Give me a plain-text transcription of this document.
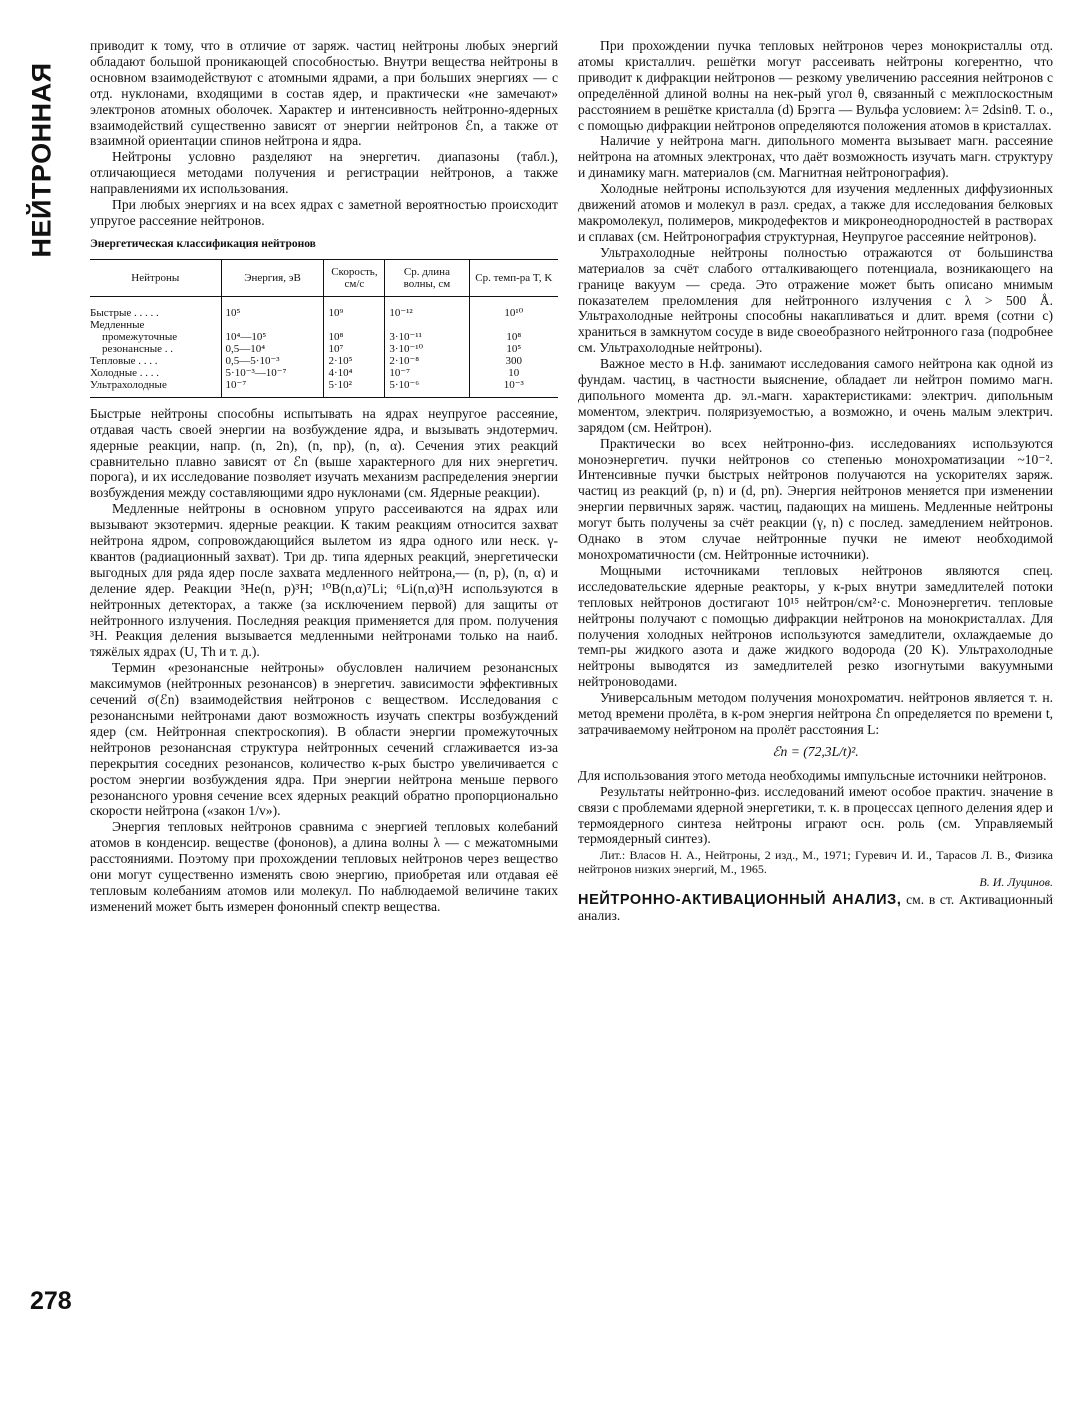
НЕЙТРОННАЯ
278

приводит к тому, что в отличие от заряж. частиц нейтроны любых энергий обладают большой проникающей способностью. Внутри вещества нейтроны в основном взаимодействуют с атомными ядрами, а при больших энергиях — с отд. нуклонами, входящими в состав ядер, и практически «не замечают» электронов атомных оболочек. Характер и интенсивность нейтронно-ядерных взаимодействий существенно зависят от энергии нейтронов ℰn, а также от взаимной ориентации спинов нейтрона и ядра.

Нейтроны условно разделяют на энергетич. диапазоны (табл.), отличающиеся методами получения и регистрации нейтронов, а также направлениями их использования.

При любых энергиях и на всех ядрах с заметной вероятностью происходит упругое рассеяние нейтронов.

Энергетическая классификация нейтронов
Нейтроны	Энергия, эВ	Скорость, см/с	Ср. длина волны, см	Ср. темп-ра T, K
Быстрые . . . . .	10⁵	10⁹	10⁻¹²	10¹⁰
Медленные				
промежуточные	10⁴—10⁵	10⁸	3·10⁻¹¹	10⁸
резонансные . .	0,5—10⁴	10⁷	3·10⁻¹⁰	10⁵
Тепловые . . . .	0,5—5·10⁻³	2·10⁵	2·10⁻⁸	300
Холодные . . . .	5·10⁻³—10⁻⁷	4·10⁴	10⁻⁷	10
Ультрахолодные	10⁻⁷	5·10²	5·10⁻⁶	10⁻³

Быстрые нейтроны способны испытывать на ядрах неупругое рассеяние, отдавая часть своей энергии на возбуждение ядра, и вызывать эндотермич. ядерные реакции, напр. (n, 2n), (n, np), (n, α). Сечения этих реакций сравнительно плавно зависят от ℰn (выше характерного для них энергетич. порога), и их исследование позволяет изучать механизм распределения энергии возбуждения между составляющими ядро нуклонами (см. Ядерные реакции).

Медленные нейтроны в основном упруго рассеиваются на ядрах или вызывают экзотермич. ядерные реакции. К таким реакциям относится захват нейтрона ядром, сопровождающийся вылетом из ядра одного или неск. γ-квантов (радиационный захват). Три др. типа ядерных реакций, энергетически выгодных для ряда ядер после захвата медленного нейтрона,— (n, p), (n, α) и деление ядер. Реакции ³He(n, p)³H; ¹⁰B(n,α)⁷Li; ⁶Li(n,α)³H используются в нейтронных детекторах, а также (за исключением первой) для защиты от нейтронного излучения. Последняя реакция применяется для пром. получения ³H. Реакция деления вызывается медленными нейтронами только на наиб. тяжёлых ядрах (U, Th и т. д.).

Термин «резонансные нейтроны» обусловлен наличием резонансных максимумов (нейтронных резонансов) в энергетич. зависимости эффективных сечений σ(ℰn) взаимодействия нейтронов с веществом. Исследования с резонансными нейтронами дают возможность изучать спектры возбуждений ядер (см. Нейтронная спектроскопия). В области энергии промежуточных нейтронов резонансная структура нейтронных сечений сглаживается из-за перекрытия соседних резонансов, количество к-рых быстро увеличивается с ростом энергии возбуждения ядра. При энергии нейтрона меньше первого резонансного уровня сечение всех ядерных реакций обратно пропорционально скорости нейтрона («закон 1/v»).

Энергия тепловых нейтронов сравнима с энергией тепловых колебаний атомов в конденсир. веществе (фононов), а длина волны λ — с межатомными расстояниями. Поэтому при прохождении тепловых нейтронов через вещество они могут существенно изменять свою энергию, приобретая или отдавая её тепловым колебаниям атомов или молекул. По наблюдаемой величине таких изменений может быть измерен фононный спектр вещества.

При прохождении пучка тепловых нейтронов через монокристаллы отд. атомы кристаллич. решётки могут рассеивать нейтроны когерентно, что приводит к дифракции нейтронов — резкому увеличению рассеяния нейтронов с определённой длиной волны на нек-рый угол θ, связанный с межплоскостным расстоянием в решётке кристалла (d) Брэгга — Вульфа условием: λ= 2dsinθ. Т. о., с помощью дифракции нейтронов определяются положения атомов в кристаллах.

Наличие у нейтрона магн. дипольного момента вызывает магн. рассеяние нейтрона на атомных электронах, что даёт возможность изучать магн. структуру и динамику магн. материалов (см. Магнитная нейтронография).

Холодные нейтроны используются для изучения медленных диффузионных движений атомов и молекул в разл. средах, а также для исследования белковых макромолекул, полимеров, микродефектов и микронеоднородностей в растворах и сплавах (см. Нейтронография структурная, Неупругое рассеяние нейтронов).

Ультрахолодные нейтроны полностью отражаются от большинства материалов за счёт слабого отталкивающего потенциала, возникающего на границе вакуум — среда. Это отражение может быть описано мнимым показателем преломления для нейтронного излучения с λ > 500 Å. Ультрахолодные нейтроны способны накапливаться и длит. время (сотни с) храниться в замкнутом сосуде в виде своеобразного нейтронного газа (подробнее см. Ультрахолодные нейтроны).

Важное место в Н.ф. занимают исследования самого нейтрона как одной из фундам. частиц, в частности выяснение, обладает ли нейтрон помимо магн. дипольного момента др. эл.-магн. характеристиками: электрич. дипольным моментом, электрич. поляризуемостью, а возможно, и очень малым электрич. зарядом (см. Нейтрон).

Практически во всех нейтронно-физ. исследованиях используются моноэнергетич. пучки нейтронов со степенью монохроматизации ~10⁻². Интенсивные пучки быстрых нейтронов получаются на ускорителях заряж. частиц из реакций (p, n) и (d, pn). Энергия нейтронов меняется при изменении энергии первичных заряж. частиц, падающих на мишень. Медленные нейтроны могут быть получены за счёт реакции (γ, n) с послед. замедлением нейтронов. Однако в этом случае нейтронные пучки не имеют необходимой монохроматичности (см. Нейтронные источники).

Мощными источниками тепловых нейтронов являются спец. исследовательские ядерные реакторы, у к-рых внутри замедлителей потоки тепловых нейтронов достигают 10¹⁵ нейтрон/см²·с. Моноэнергетич. тепловые нейтроны получают с помощью дифракции нейтронов на монокристаллах. Для получения холодных нейтронов используются замедлители, охлаждаемые до темп-ры жидкого азота и даже жидкого водорода (20 K). Ультрахолодные нейтроны выводятся из замедлителей резко изогнутыми вакуумными нейтроноводами.

Универсальным методом получения монохроматич. нейтронов является т. н. метод времени пролёта, в к-ром энергия нейтрона ℰn определяется по времени t, затрачиваемому нейтроном на пролёт расстояния L:

ℰn = (72,3L/t)².

Для использования этого метода необходимы импульсные источники нейтронов.

Результаты нейтронно-физ. исследований имеют особое практич. значение в связи с проблемами ядерной энергетики, т. к. в процессах цепного деления ядер и термоядерного синтеза нейтроны играют осн. роль (см. Управляемый термоядерный синтез).

Лит.: Власов Н. А., Нейтроны, 2 изд., М., 1971; Гуревич И. И., Тарасов Л. В., Физика нейтронов низких энергий, М., 1965.

В. И. Луцинов.

НЕЙТРОННО-АКТИВАЦИОННЫЙ АНАЛИЗ, см. в ст. Активационный анализ.
